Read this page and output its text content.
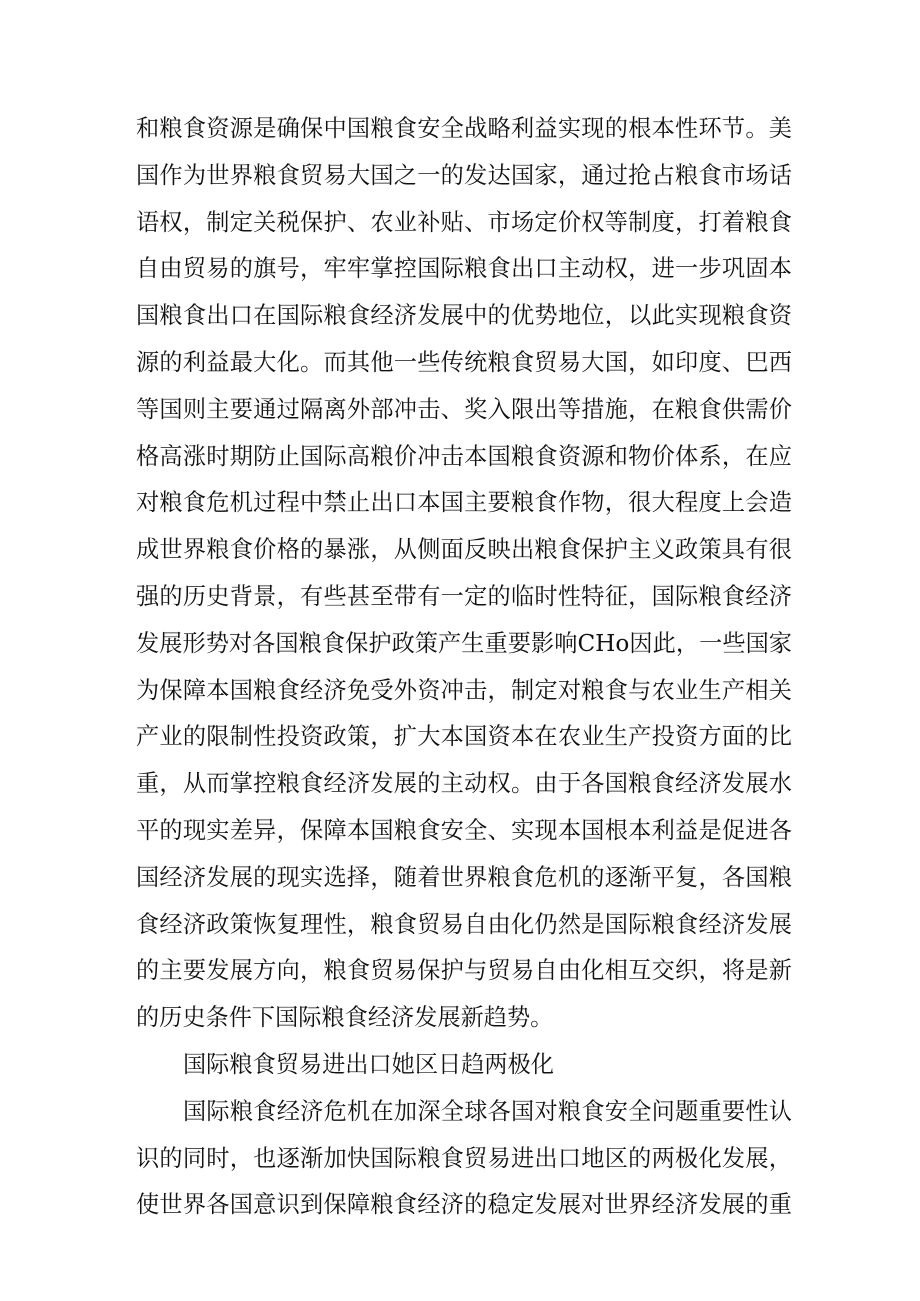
和粮食资源是确保中国粮食安全战略利益实现的根本性环节。美
国作为世界粮食贸易大国之一的发达国家，通过抢占粮食市场话
语权，制定关税保护、农业补贴、市场定价权等制度，打着粮食
自由贸易的旗号，牢牢掌控国际粮食出口主动权，进一步巩固本
国粮食出口在国际粮食经济发展中的优势地位，以此实现粮食资
源的利益最大化。而其他一些传统粮食贸易大国，如印度、巴西
等国则主要通过隔离外部冲击、奖入限出等措施，在粮食供需价
格高涨时期防止国际高粮价冲击本国粮食资源和物价体系，在应
对粮食危机过程中禁止出口本国主要粮食作物，很大程度上会造
成世界粮食价格的暴涨，从侧面反映出粮食保护主义政策具有很
强的历史背景，有些甚至带有一定的临时性特征，国际粮食经济
发展形势对各国粮食保护政策产生重要影响CHo因此，一些国家
为保障本国粮食经济免受外资冲击，制定对粮食与农业生产相关
产业的限制性投资政策，扩大本国资本在农业生产投资方面的比
重，从而掌控粮食经济发展的主动权。由于各国粮食经济发展水
平的现实差异，保障本国粮食安全、实现本国根本利益是促进各
国经济发展的现实选择，随着世界粮食危机的逐渐平复，各国粮
食经济政策恢复理性，粮食贸易自由化仍然是国际粮食经济发展
的主要发展方向，粮食贸易保护与贸易自由化相互交织，将是新
的历史条件下国际粮食经济发展新趋势。
国际粮食贸易进出口她区日趋两极化
国际粮食经济危机在加深全球各国对粮食安全问题重要性认
识的同时，也逐渐加快国际粮食贸易进出口地区的两极化发展，
使世界各国意识到保障粮食经济的稳定发展对世界经济发展的重
